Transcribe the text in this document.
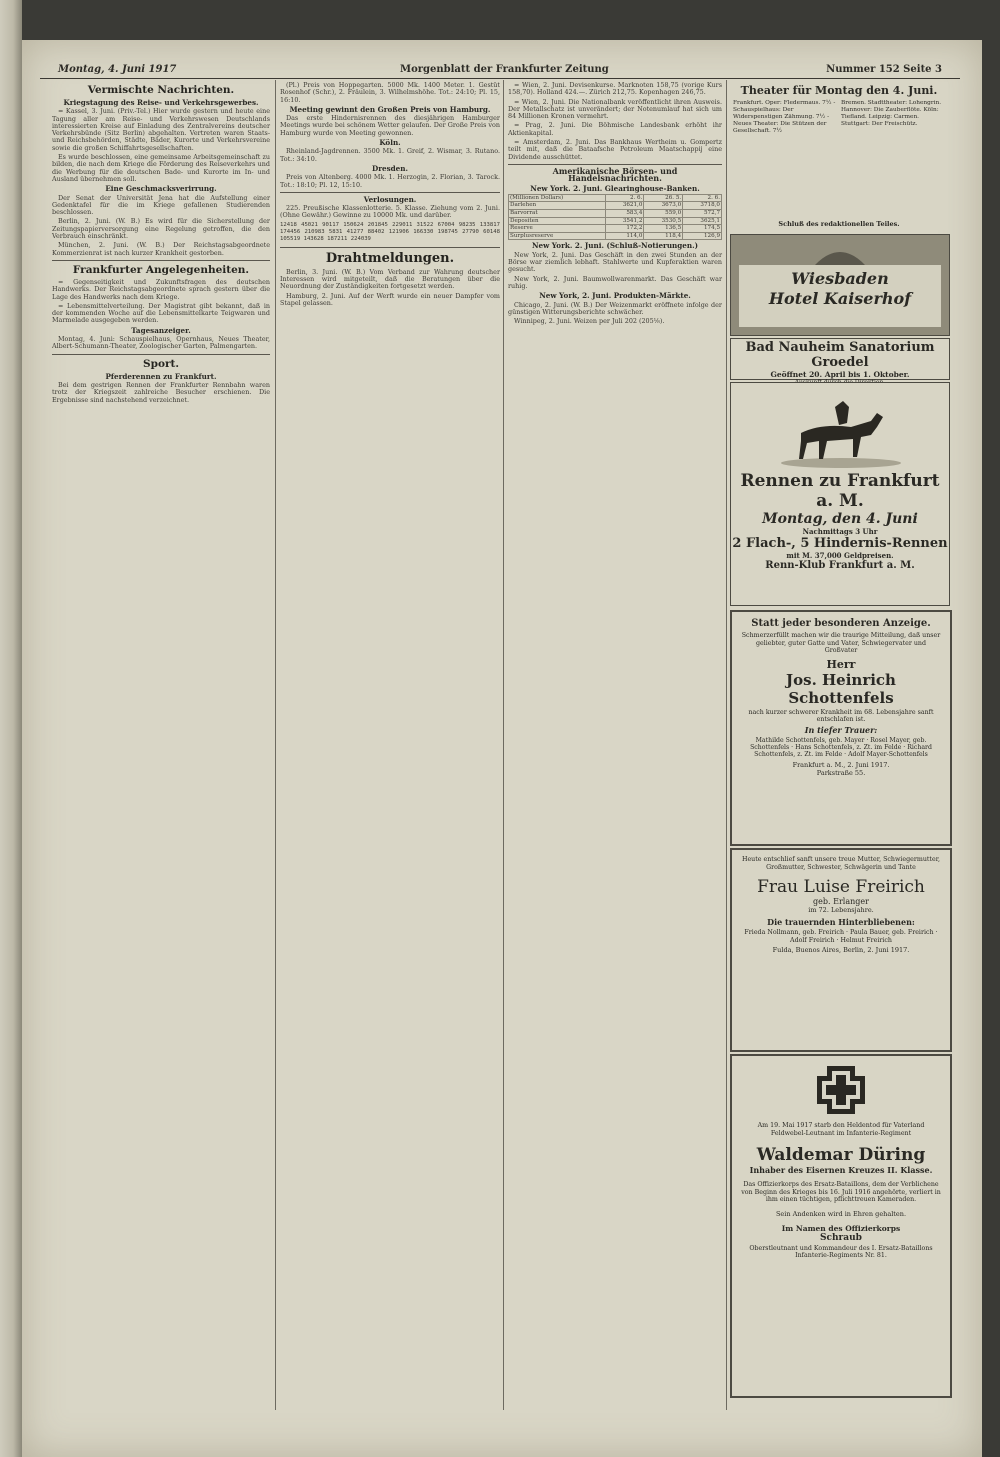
Montag, 4. Juni 1917	Morgenblatt der Frankfurter Zeitung	Nummer 152 Seite 3
Vermischte Nachrichten.
Kriegstagung des Reise- und Verkehrsgewerbes.

= Kassel, 3. Juni. (Priv.-Tel.) Hier wurde gestern und heute eine Tagung aller am Reise- und Verkehrswesen Deutschlands interessierten Kreise auf Einladung des Zentralvereins deutscher Verkehrsbünde (Sitz Berlin) abgehalten. Vertreten waren Staats- und Reichsbehörden, Städte, Bäder, Kurorte und Verkehrsvereine sowie die großen Schiffahrtsgesellschaften.

Es wurde beschlossen, eine gemeinsame Arbeitsgemeinschaft zu bilden, die nach dem Kriege die Förderung des Reiseverkehrs und die Werbung für die deutschen Bade- und Kurorte im In- und Ausland übernehmen soll.

Eine Geschmacksverirrung.

Der Senat der Universität Jena hat die Aufstellung einer Gedenktafel für die im Kriege gefallenen Studierenden beschlossen.

Berlin, 2. Juni. (W. B.) Es wird für die Sicherstellung der Zeitungspapierversorgung eine Regelung getroffen, die den Verbrauch einschränkt.

München, 2. Juni. (W. B.) Der Reichstagsabgeordnete Kommerzienrat ist nach kurzer Krankheit gestorben.

Frankfurter Angelegenheiten.

= Gegenseitigkeit und Zukunftsfragen des deutschen Handwerks. Der Reichstagsabgeordnete sprach gestern über die Lage des Handwerks nach dem Kriege.

= Lebensmittelverteilung. Der Magistrat gibt bekannt, daß in der kommenden Woche auf die Lebensmittelkarte Teigwaren und Marmelade ausgegeben werden.

Tagesanzeiger.

Montag, 4. Juni: Schauspielhaus, Opernhaus, Neues Theater, Albert-Schumann-Theater, Zoologischer Garten, Palmengarten.

Sport.
Pferderennen zu Frankfurt.

Bei dem gestrigen Rennen der Frankfurter Rennbahn waren trotz der Kriegszeit zahlreiche Besucher erschienen. Die Ergebnisse sind nachstehend verzeichnet.

(Pl.) Preis von Hoppegarten. 5000 Mk. 1400 Meter. 1. Gestüt Rosenhof (Schr.), 2. Fräulein, 3. Wilhelmshöhe. Tot.: 24:10; Pl. 15, 16:10.

Meeting gewinnt den Großen Preis von Hamburg.

Das erste Hindernisrennen des diesjährigen Hamburger Meetings wurde bei schönem Wetter gelaufen. Der Große Preis von Hamburg wurde von Meeting gewonnen.

Köln.

Rheinland-Jagdrennen. 3500 Mk. 1. Greif, 2. Wismar, 3. Rutano. Tot.: 34:10.

Dresden.

Preis von Altenberg. 4000 Mk. 1. Herzogin, 2. Florian, 3. Tarock. Tot.: 18:10; Pl. 12, 15:10.

Verlosungen.

225. Preußische Klassenlotterie. 5. Klasse. Ziehung vom 2. Juni. (Ohne Gewähr.) Gewinne zu 10000 Mk. und darüber.

12418 45021 90117 150624 201845 229011 31522 67004 98235 133817 174456 210983 5831 41277 88402 121906 166330 198745 27790 60148 105519 143628 187211 224039

Drahtmeldungen.

Berlin, 3. Juni. (W. B.) Vom Verband zur Wahrung deutscher Interessen wird mitgeteilt, daß die Beratungen über die Neuordnung der Zuständigkeiten fortgesetzt werden.

Hamburg, 2. Juni. Auf der Werft wurde ein neuer Dampfer vom Stapel gelassen.

= Wien, 2. Juni. Devisenkurse. Marknoten 158,75 (vorige Kurs 158,70). Holland 424.—. Zürich 212,75. Kopenhagen 246,75.

= Wien, 2. Juni. Die Nationalbank veröffentlicht ihren Ausweis. Der Metallschatz ist unverändert; der Notenumlauf hat sich um 84 Millionen Kronen vermehrt.

= Prag, 2. Juni. Die Böhmische Landesbank erhöht ihr Aktienkapital.

= Amsterdam, 2. Juni. Das Bankhaus Wertheim u. Gompertz teilt mit, daß die Bataafsche Petroleum Maatschappij eine Dividende ausschüttet.

Amerikanische Börsen- und Handelsnachrichten.
New York. 2. Juni. Glearinghouse-Banken.
(Millionen Dollars)	2. 6.	26. 5.	2. 6.
Darlehen	3621,0	3673,0	3718,0
Barvorrat	583,4	559,0	572,7
Depositen	3541,2	3530,5	3625,1
Reserve	172,2	136,5	174,5
Surplusreserve	114,0	118,4	126,9
New York. 2. Juni. (Schluß-Notierungen.)

New York, 2. Juni. Das Geschäft in den zwei Stunden an der Börse war ziemlich lebhaft. Stahlwerte und Kupferaktien waren gesucht.

New York, 2. Juni. Baumwollwarenmarkt. Das Geschäft war ruhig.

New York, 2. Juni. Produkten-Märkte.

Chicago, 2. Juni. (W. B.) Der Weizenmarkt eröffnete infolge der günstigen Witterungsberichte schwächer.

Winnipeg, 2. Juni. Weizen per Juli 202 (205⅛).

Theater für Montag den 4. Juni.
Frankfurt. Oper: Fledermaus. 7½ - Schauspielhaus: Der Widerspenstigen Zähmung. 7½ - Neues Theater: Die Stützen der Gesellschaft. 7½
Bremen. Stadttheater: Lohengrin. Hannover: Die Zauberflöte. Köln: Tiefland. Leipzig: Carmen. Stuttgart: Der Freischütz.
Schluß des redaktionellen Teiles.
Wiesbaden
Hotel Kaiserhof
Bad Nauheim Sanatorium Groedel
Geöffnet 20. April bis 1. Oktober.
Rennen zu Frankfurt a. M.
Montag, den 4. Juni
Nachmittags 3 Uhr
2 Flach-, 5 Hindernis-Rennen
mit M. 37,000 Geldpreisen.
Renn-Klub Frankfurt a. M.
Statt jeder besonderen Anzeige.
Schmerzerfüllt machen wir die traurige Mitteilung, daß unser geliebter, guter Gatte und Vater, Schwiegervater und Großvater
Herr
Jos. Heinrich Schottenfels
nach kurzer schwerer Krankheit im 68. Lebensjahre sanft entschlafen ist.
In tiefer Trauer:
Mathilde Schottenfels, geb. Mayer · Rosel Mayer, geb. Schottenfels · Hans Schottenfels, z. Zt. im Felde · Richard Schottenfels, z. Zt. im Felde · Adolf Mayer-Schottenfels
Frankfurt a. M., 2. Juni 1917.
Parkstraße 55.
Heute entschlief sanft unsere treue Mutter, Schwiegermutter, Großmutter, Schwester, Schwägerin und Tante
Frau Luise Freirich
geb. Erlanger
im 72. Lebensjahre.
Die trauernden Hinterbliebenen:
Frieda Nollmann, geb. Freirich · Paula Bauer, geb. Freirich · Adolf Freirich · Helmut Freirich
Fulda, Buenos Aires, Berlin, 2. Juni 1917.
Am 19. Mai 1917 starb den Heldentod für Vaterland Feldwebel-Leutnant im Infanterie-Regiment
Waldemar Düring
Inhaber des Eisernen Kreuzes II. Klasse.
Das Offizierkorps des Ersatz-Bataillons, dem der Verblichene von Beginn des Krieges bis 16. Juli 1916 angehörte, verliert in ihm einen tüchtigen, pflichttreuen Kameraden.
Sein Andenken wird in Ehren gehalten.
Im Namen des Offizierkorps
Schraub
Oberstleutnant und Kommandeur des I. Ersatz-Bataillons Infanterie-Regiments Nr. 81.
